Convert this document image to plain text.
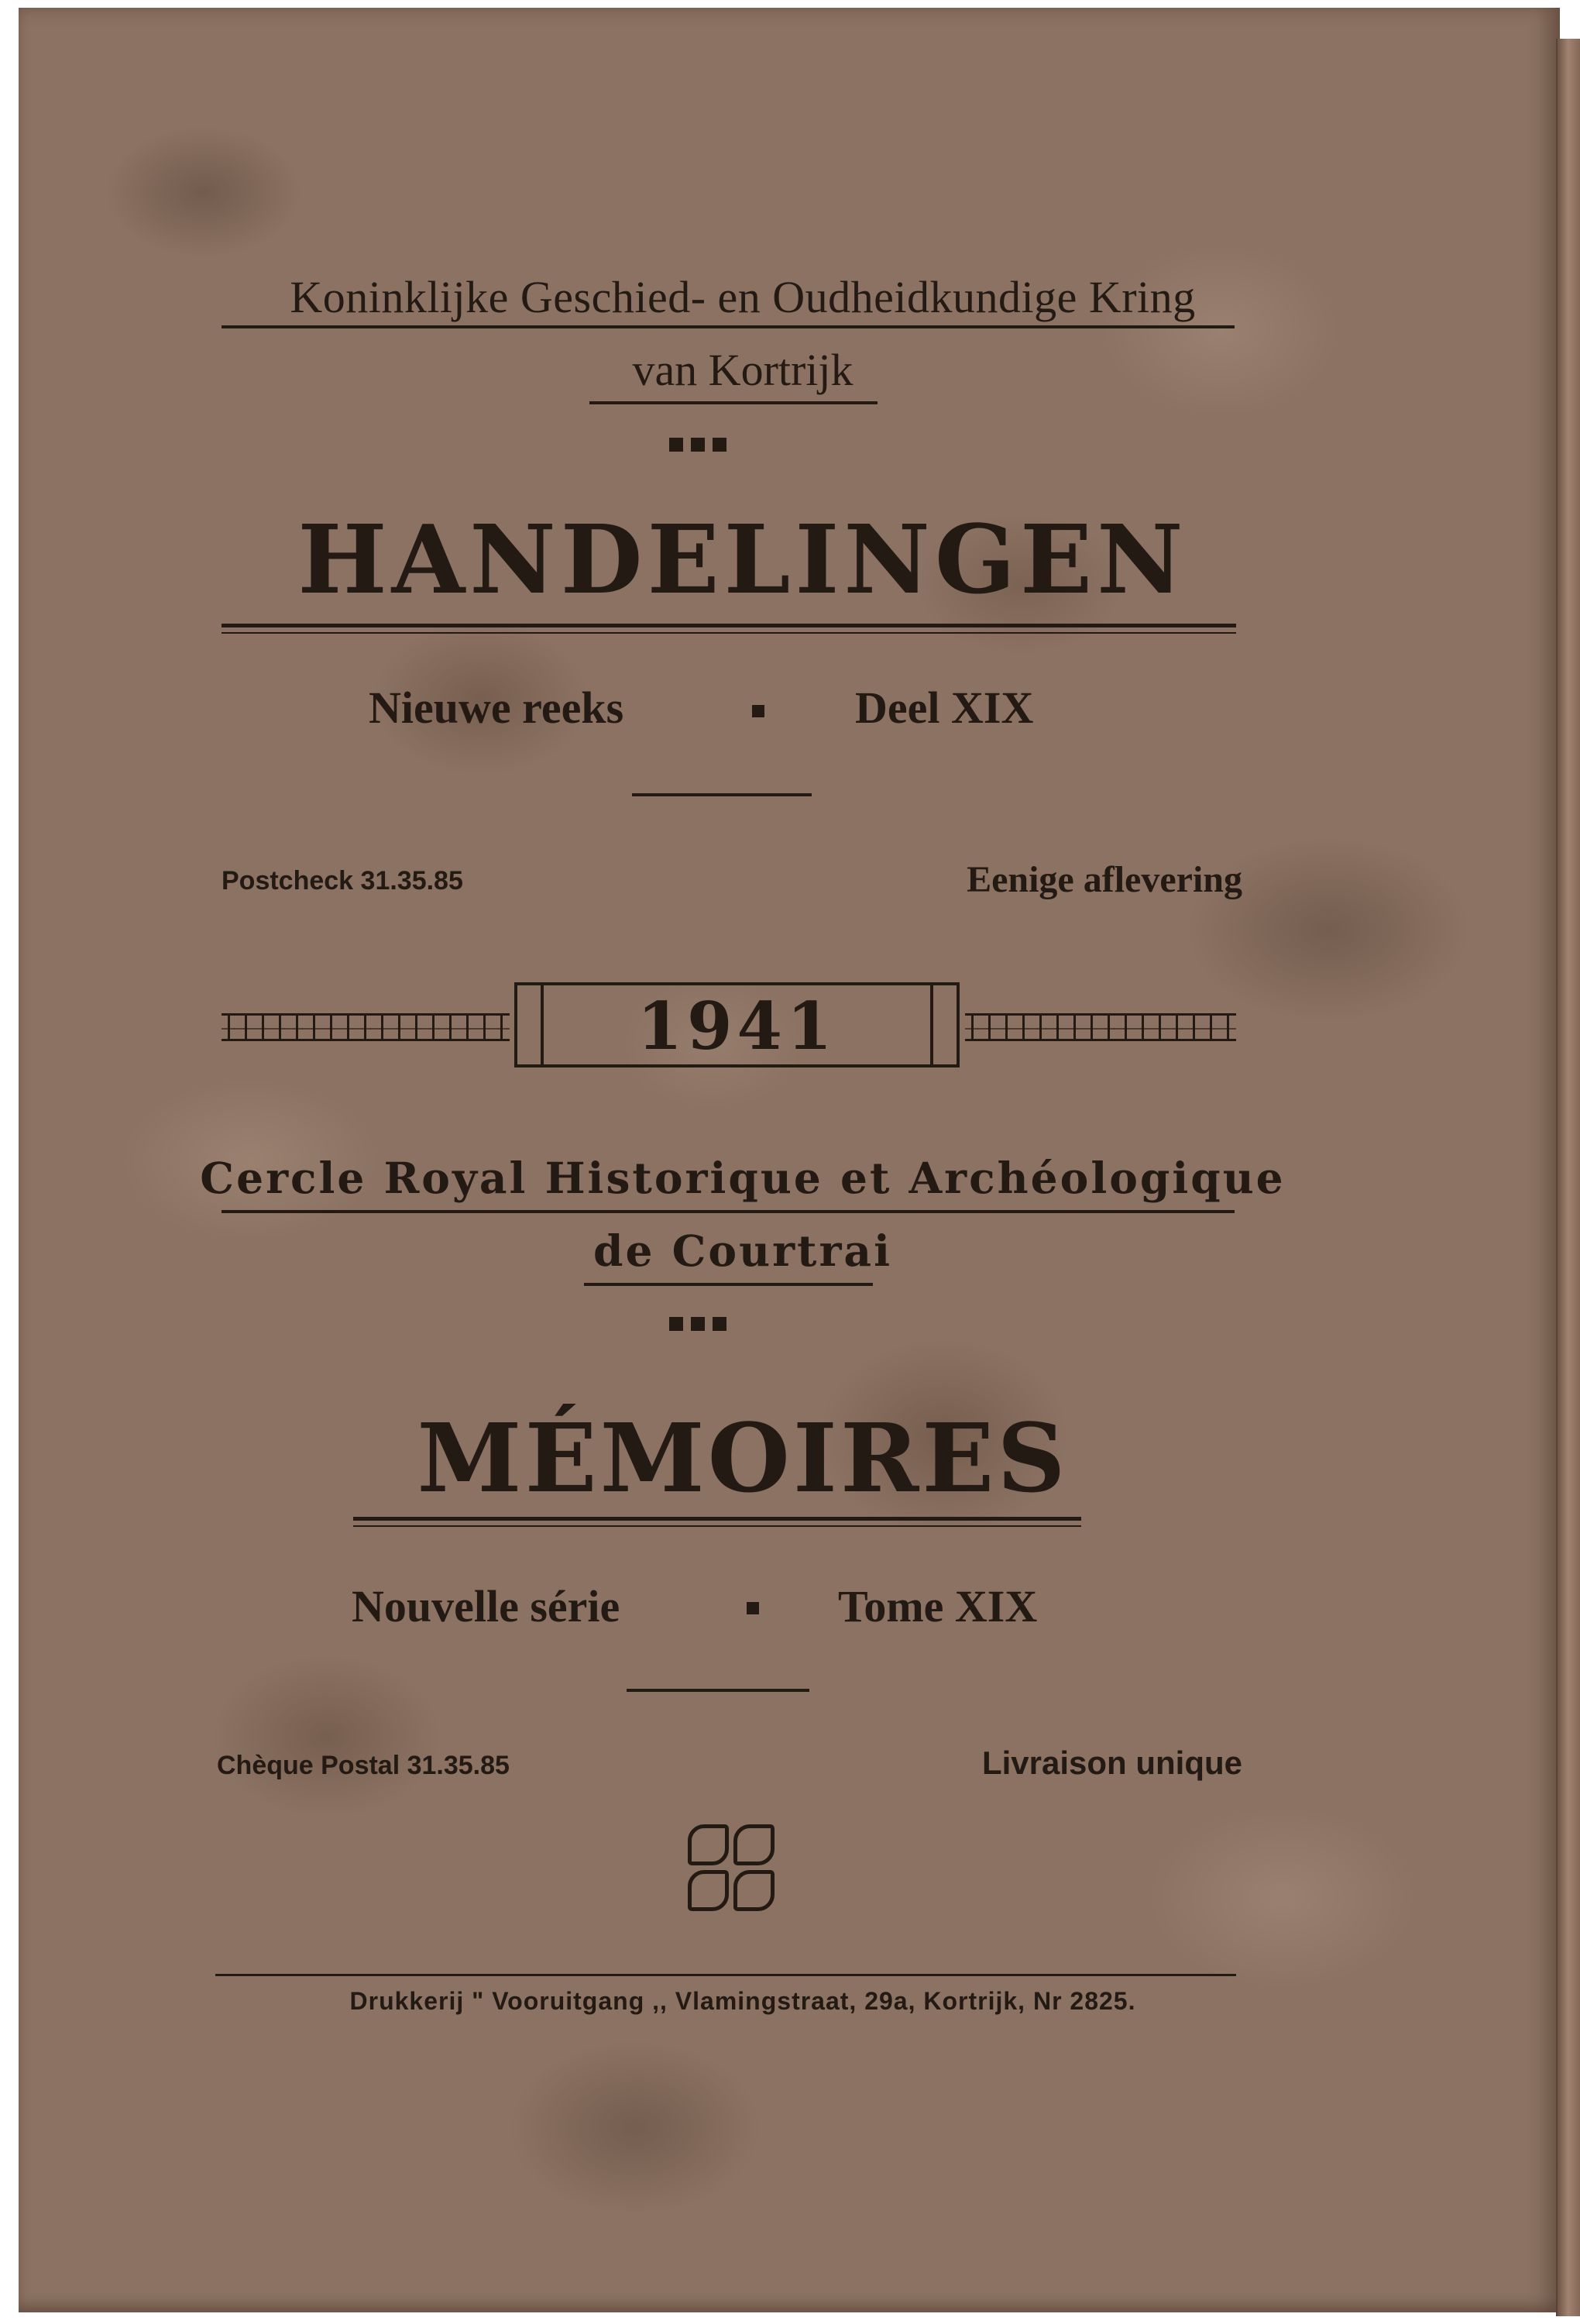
Koninklijke Geschied- en Oudheidkundige Kring
van Kortrijk
HANDELINGEN
Nieuwe reeks	Deel XIX
Postcheck 31.35.85	Eenige aflevering
1941
Cercle Royal Historique et Archéologique
de Courtrai
MÉMOIRES
Nouvelle série	Tome XIX
Chèque Postal 31.35.85	Livraison unique
Drukkerij " Vooruitgang ,, Vlamingstraat, 29a, Kortrijk, Nr 2825.
